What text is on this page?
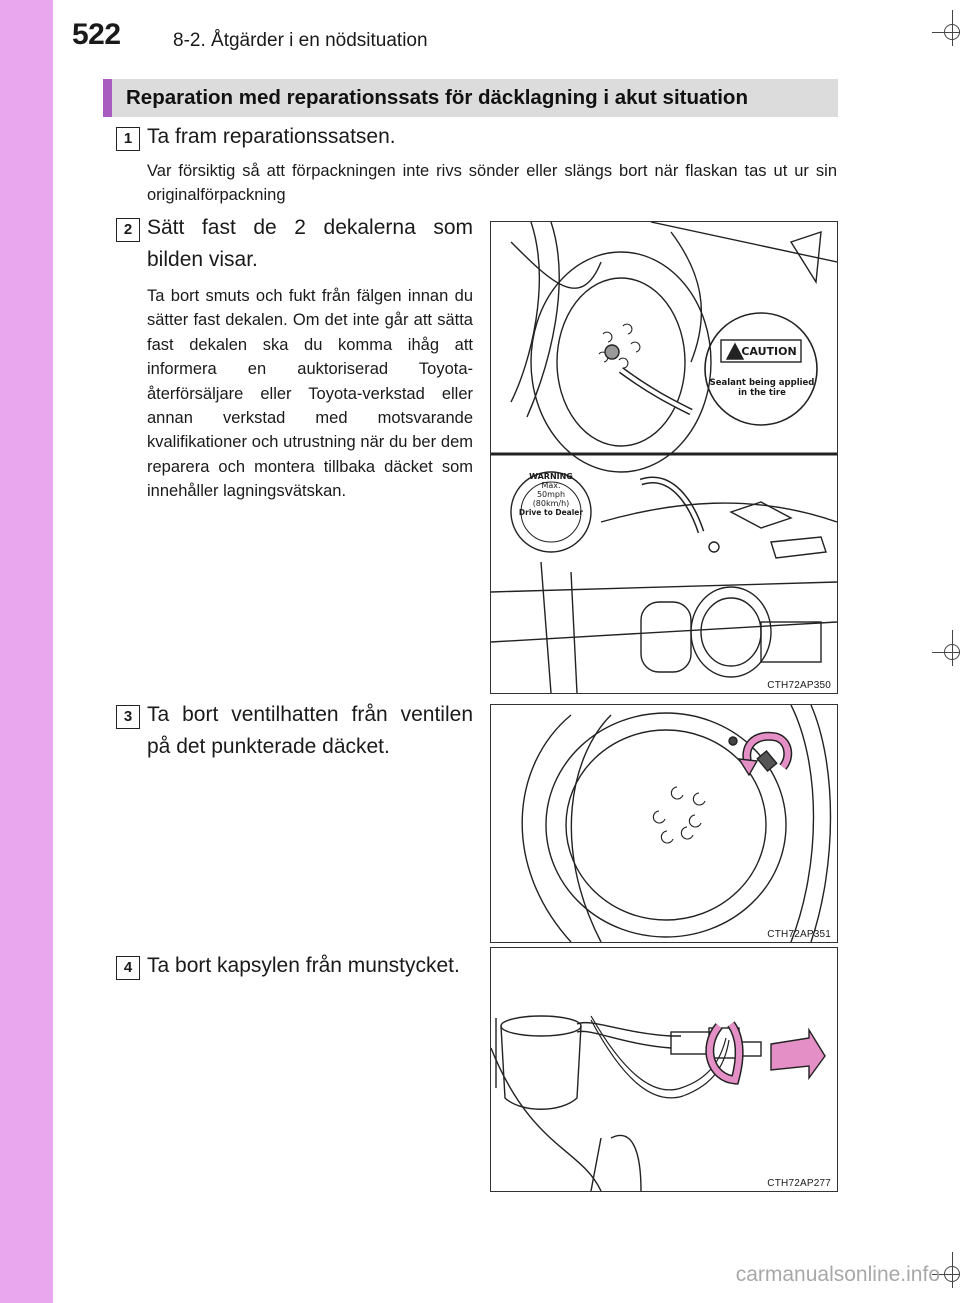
522	8-2. Åtgärder i en nödsituation
Reparation med reparationssats för däcklagning i akut situation
1 Ta fram reparationssatsen.
Var försiktig så att förpackningen inte rivs sönder eller slängs bort när flaskan tas ut ur sin originalförpackning
2 Sätt fast de 2 dekalerna som bilden visar.
Ta bort smuts och fukt från fälgen innan du sätter fast dekalen. Om det inte går att sätta fast dekalen ska du komma ihåg att informera en auktoriserad Toyota-återförsäljare eller Toyota-verkstad eller annan verkstad med motsvarande kvalifikationer och utrustning när du ber dem reparera och montera tillbaka däcket som innehåller lagningsvätskan.
CAUTION
Sealant being applied
in the tire
WARNING
Max.
50mph
(80km/h)
Drive to Dealer
CTH72AP350
3 Ta bort ventilhatten från ventilen på det punkterade däcket.
CTH72AP351
4 Ta bort kapsylen från munstycket.
CTH72AP277
carmanualsonline.info
